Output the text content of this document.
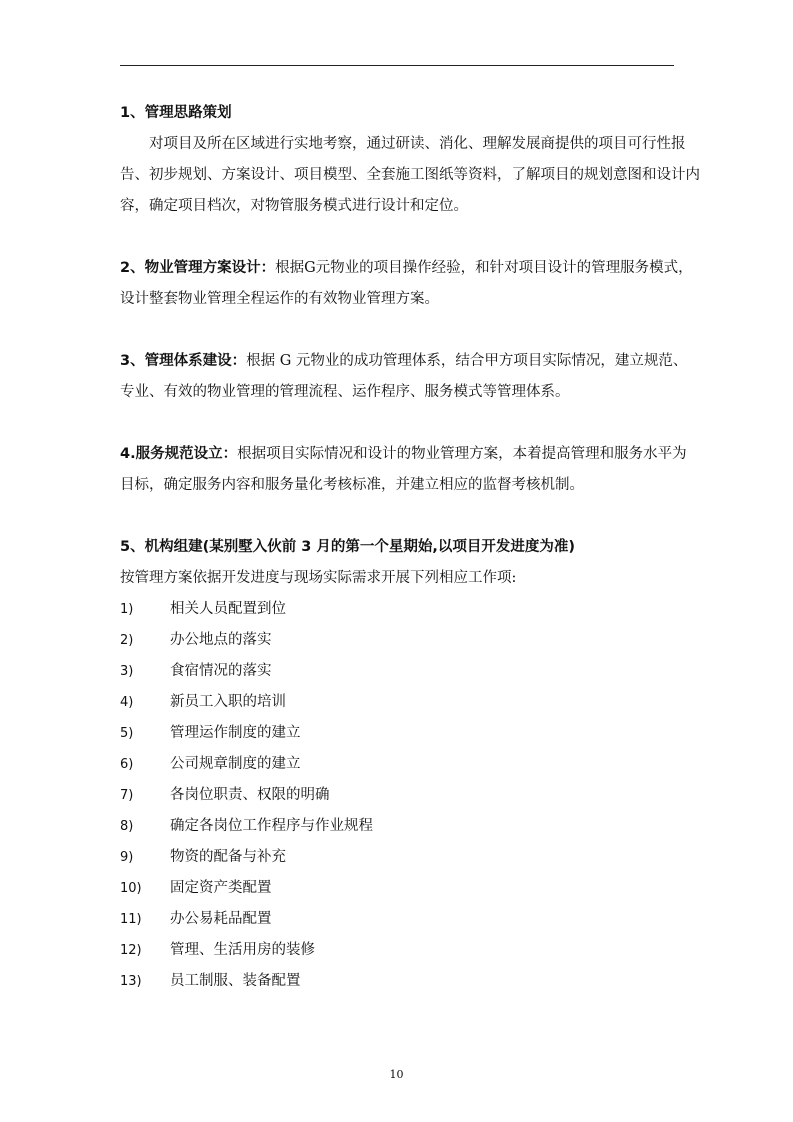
1、管理思路策划

对项目及所在区域进行实地考察，通过研读、消化、理解发展商提供的项目可行性报告、初步规划、方案设计、项目模型、全套施工图纸等资料，了解项目的规划意图和设计内容，确定项目档次，对物管服务模式进行设计和定位。

2、物业管理方案设计：根据G元物业的项目操作经验，和针对项目设计的管理服务模式，设计整套物业管理全程运作的有效物业管理方案。

3、管理体系建设：根据 G 元物业的成功管理体系，结合甲方项目实际情况，建立规范、专业、有效的物业管理的管理流程、运作程序、服务模式等管理体系。

4.服务规范设立：根据项目实际情况和设计的物业管理方案，本着提高管理和服务水平为目标，确定服务内容和服务量化考核标准，并建立相应的监督考核机制。

5、机构组建(某别墅入伙前 3 月的第一个星期始,以项目开发进度为准)

按管理方案依据开发进度与现场实际需求开展下列相应工作项:

1)	相关人员配置到位
2)	办公地点的落实
3)	食宿情况的落实
4)	新员工入职的培训
5)	管理运作制度的建立
6)	公司规章制度的建立
7)	各岗位职责、权限的明确
8)	确定各岗位工作程序与作业规程
9)	物资的配备与补充
10) 固定资产类配置
11) 办公易耗品配置
12) 管理、生活用房的装修
13) 员工制服、装备配置
10
